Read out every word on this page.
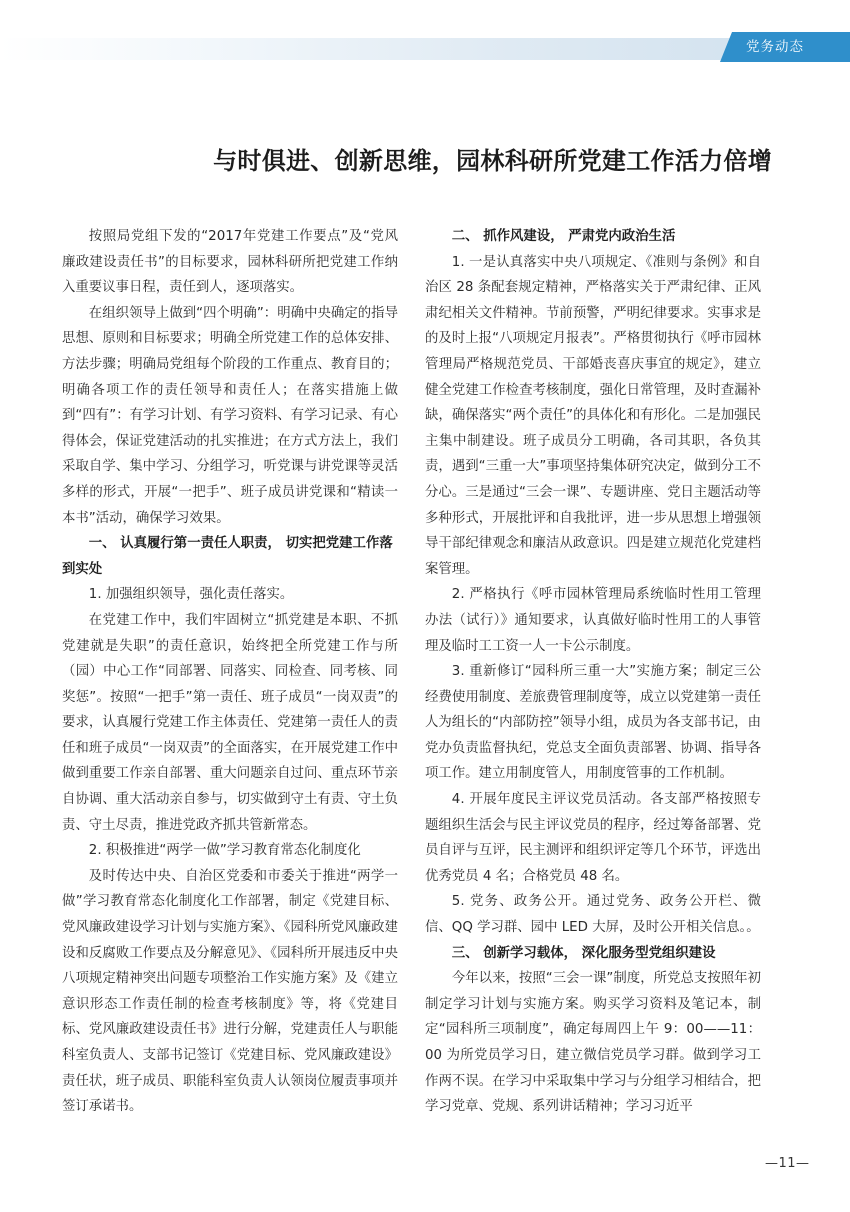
党务动态
与时俱进、创新思维，园林科研所党建工作活力倍增

按照局党组下发的“2017年党建工作要点”及“党风廉政建设责任书”的目标要求，园林科研所把党建工作纳入重要议事日程，责任到人，逐项落实。

在组织领导上做到“四个明确”：明确中央确定的指导思想、原则和目标要求；明确全所党建工作的总体安排、方法步骤；明确局党组每个阶段的工作重点、教育目的；明确各项工作的责任领导和责任人；在落实措施上做到“四有”：有学习计划、有学习资料、有学习记录、有心得体会，保证党建活动的扎实推进；在方式方法上，我们采取自学、集中学习、分组学习，听党课与讲党课等灵活多样的形式，开展“一把手”、班子成员讲党课和“精读一本书”活动，确保学习效果。

一、 认真履行第一责任人职责， 切实把党建工作落到实处

1. 加强组织领导，强化责任落实。

在党建工作中，我们牢固树立“抓党建是本职、不抓党建就是失职”的责任意识，始终把全所党建工作与所（园）中心工作“同部署、同落实、同检查、同考核、同奖惩”。按照“一把手”第一责任、班子成员“一岗双责”的要求，认真履行党建工作主体责任、党建第一责任人的责任和班子成员“一岗双责”的全面落实，在开展党建工作中做到重要工作亲自部署、重大问题亲自过问、重点环节亲自协调、重大活动亲自参与，切实做到守土有责、守土负责、守土尽责，推进党政齐抓共管新常态。

2. 积极推进“两学一做”学习教育常态化制度化

及时传达中央、自治区党委和市委关于推进“两学一做”学习教育常态化制度化工作部署，制定《党建目标、党风廉政建设学习计划与实施方案》、《园科所党风廉政建设和反腐败工作要点及分解意见》、《园科所开展违反中央八项规定精神突出问题专项整治工作实施方案》及《建立意识形态工作责任制的检查考核制度》等，将《党建目标、党风廉政建设责任书》进行分解，党建责任人与职能科室负责人、支部书记签订《党建目标、党风廉政建设》责任状，班子成员、职能科室负责人认领岗位履责事项并签订承诺书。

二、 抓作风建设， 严肃党内政治生活

1. 一是认真落实中央八项规定、《准则与条例》和自治区 28 条配套规定精神，严格落实关于严肃纪律、正风肃纪相关文件精神。节前预警，严明纪律要求。实事求是的及时上报“八项规定月报表”。严格贯彻执行《呼市园林管理局严格规范党员、干部婚丧喜庆事宜的规定》，建立健全党建工作检查考核制度，强化日常管理，及时查漏补缺，确保落实“两个责任”的具体化和有形化。二是加强民主集中制建设。班子成员分工明确，各司其职，各负其责，遇到“三重一大”事项坚持集体研究决定，做到分工不分心。三是通过“三会一课”、专题讲座、党日主题活动等多种形式，开展批评和自我批评，进一步从思想上增强领导干部纪律观念和廉洁从政意识。四是建立规范化党建档案管理。

2. 严格执行《呼市园林管理局系统临时性用工管理办法（试行）》通知要求，认真做好临时性用工的人事管理及临时工工资一人一卡公示制度。

3. 重新修订“园科所三重一大”实施方案；制定三公经费使用制度、差旅费管理制度等，成立以党建第一责任人为组长的“内部防控”领导小组，成员为各支部书记，由党办负责监督执纪，党总支全面负责部署、协调、指导各项工作。建立用制度管人，用制度管事的工作机制。

4. 开展年度民主评议党员活动。各支部严格按照专题组织生活会与民主评议党员的程序，经过筹备部署、党员自评与互评，民主测评和组织评定等几个环节，评选出优秀党员 4 名；合格党员 48 名。

5. 党务、政务公开。通过党务、政务公开栏、微信、QQ 学习群、园中 LED 大屏，及时公开相关信息。。

三、 创新学习载体， 深化服务型党组织建设

今年以来，按照“三会一课”制度，所党总支按照年初制定学习计划与实施方案。购买学习资料及笔记本，制定“园科所三项制度”，确定每周四上午 9：00——11：00 为所党员学习日，建立微信党员学习群。做到学习工作两不误。在学习中采取集中学习与分组学习相结合，把学习党章、党规、系列讲话精神；学习习近平

—11—
